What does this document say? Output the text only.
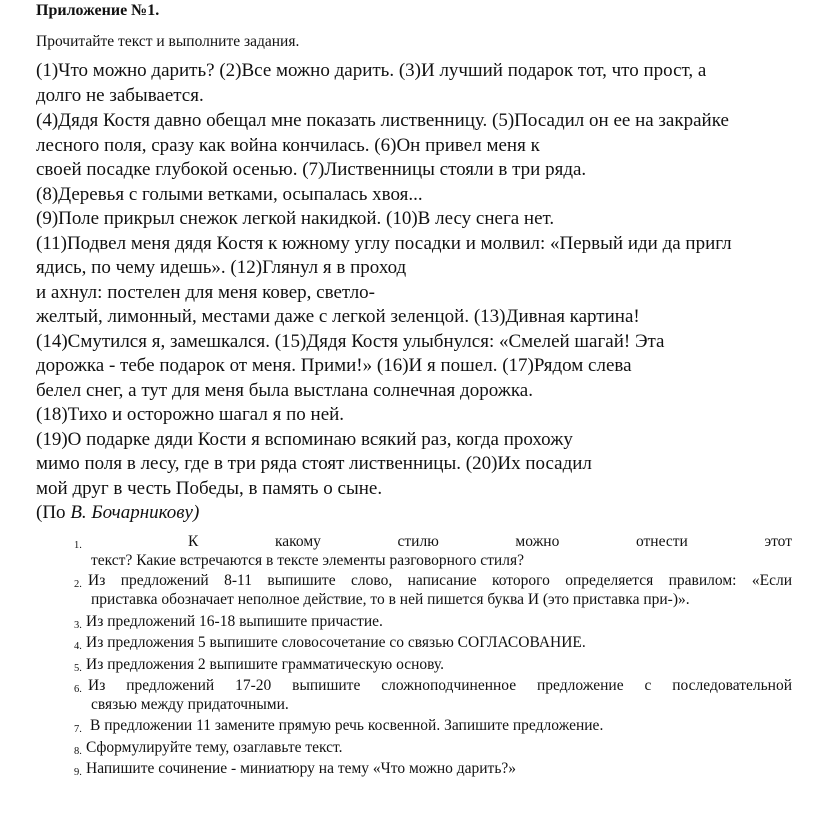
Приложение №1.
Прочитайте текст и выполните задания.
(1)Что можно дарить? (2)Все можно дарить. (3)И лучший подарок тот, что прост, а
долго не забывается.
(4)Дядя Костя давно обещал мне показать лиственницу. (5)Посадил он ее на закрайке
лесного поля, сразу как война кончилась. (6)Он привел меня к
своей посадке глубокой осенью. (7)Лиственницы стояли в три ряда.
(8)Деревья с голыми ветками, осыпалась хвоя...
(9)Поле прикрыл снежок легкой накидкой. (10)В лесу снега нет.
(11)Подвел меня дядя Костя к южному углу посадки и молвил: «Первый иди да пригл
ядись, по чему идешь». (12)Глянул я в проход
и ахнул: постелен для меня ковер, светло-
желтый, лимонный, местами даже с легкой зеленцой. (13)Дивная картина!
(14)Смутился я, замешкался. (15)Дядя Костя улыбнулся: «Смелей шагай! Эта
дорожка - тебе подарок от меня. Прими!» (16)И я пошел. (17)Рядом слева
белел снег, а тут для меня была выстлана солнечная дорожка.
(18)Тихо и осторожно шагал я по ней.
(19)О подарке дяди Кости я вспоминаю всякий раз, когда прохожу
мимо поля в лесу, где в три ряда стоят лиственницы. (20)Их посадил
мой друг в честь Победы, в память о сыне.
(По В. Бочарникову)
1.	К какому стилю можно отнести этот
текст? Какие встречаются в тексте элементы разговорного стиля?
2. Из предложений 8-11 выпишите слово, написание которого определяется правилом: «Если
приставка обозначает неполное действие, то в ней пишется буква И (это приставка при-)».
3. Из предложений 16-18 выпишите причастие.
4. Из предложения 5 выпишите словосочетание со связью СОГЛАСОВАНИЕ.
5. Из предложения 2 выпишите грамматическую основу.
6. Из предложений 17-20 выпишите сложноподчиненное предложение с последовательной
связью между придаточными.
7. В предложении 11 замените прямую речь косвенной. Запишите предложение.
8. Сформулируйте тему, озаглавьте текст.
9. Напишите сочинение - миниатюру на тему «Что можно дарить?»
